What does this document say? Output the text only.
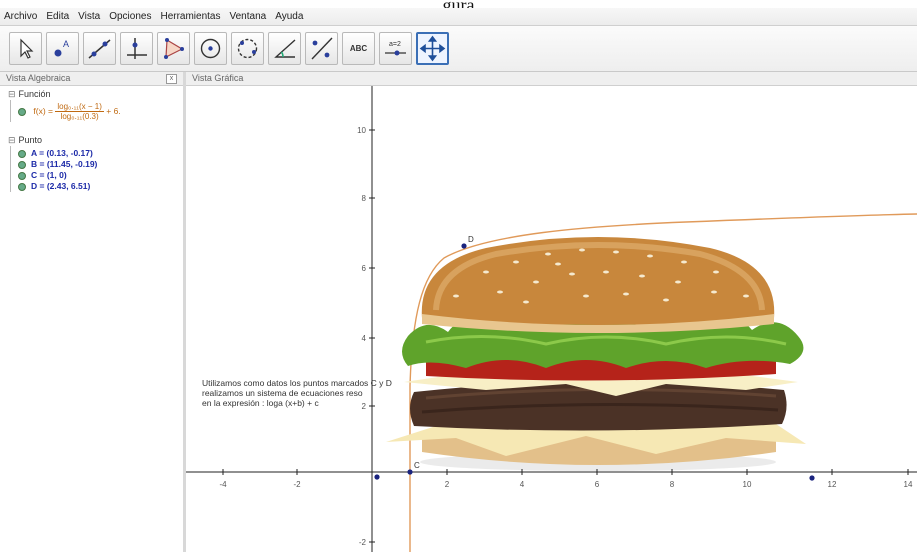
Archivo Edita Vista Opciones Herramientas Ventana Ayuda
A	ABC	a=2
Vista Algebraica	x	Vista Gráfica
⊟ Función
$f(x) = \frac{\text{log₀.₁₁(x − 1)}}{\text{log₀.₁₁(0.3)}} + 6$.
⊟ Punto
A = (0.13, -0.17)
B = (11.45, -0.19)
C = (1, 0)
D = (2.43, 6.51)
-4	-2	2	4	6	8	10	12	14
10
8
6
4
2
-2
D
C
Utilizamos como datos los puntos marcados C y D
realizamos un sistema de ecuaciones reso
en la expresión : loga (x+b) + c
